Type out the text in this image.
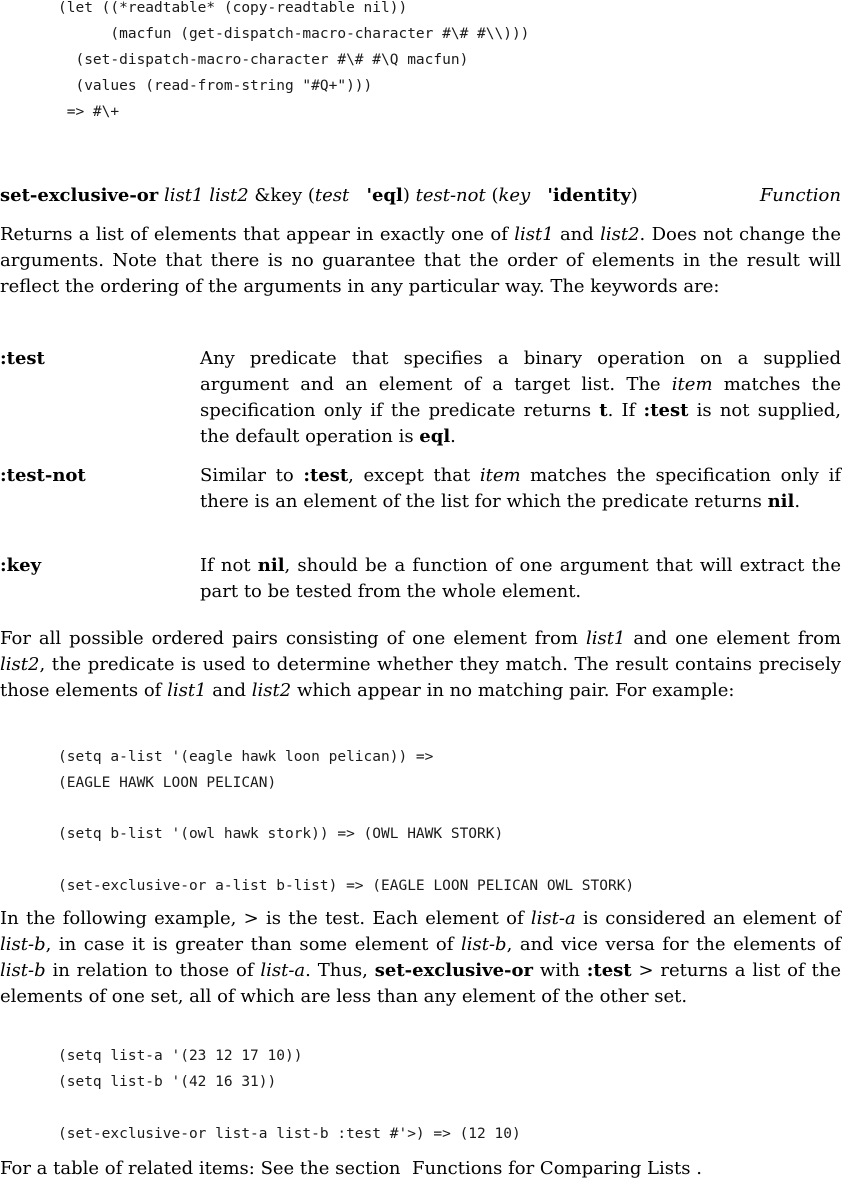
(let ((*readtable* (copy-readtable nil))
(macfun (get-dispatch-macro-character #\# #\\)))
(set-dispatch-macro-character #\# #\Q macfun)
(values (read-from-string "#Q+")))
=> #\+
set-exclusive-or list1 list2 &key (test 'eql) test-not (key 'identity)	Function

Returns a list of elements that appear in exactly one of list1 and list2. Does not change the arguments. Note that there is no guarantee that the order of elements in the result will reflect the ordering of the arguments in any particular way. The keywords are:

:test	Any predicate that specifies a binary operation on a supplied argument and an element of a target list. The item matches the specification only if the predicate returns t. If :test is not supplied, the default operation is eql.
:test-not	Similar to :test, except that item matches the specification only if there is an element of the list for which the predicate returns nil.
:key	If not nil, should be a function of one argument that will extract the part to be tested from the whole element.

For all possible ordered pairs consisting of one element from list1 and one element from list2, the predicate is used to determine whether they match. The result contains precisely those elements of list1 and list2 which appear in no matching pair. For example:

(setq a-list '(eagle hawk loon pelican)) =>
(EAGLE HAWK LOON PELICAN)
(setq b-list '(owl hawk stork)) => (OWL HAWK STORK)
(set-exclusive-or a-list b-list) => (EAGLE LOON PELICAN OWL STORK)

In the following example, > is the test. Each element of list-a is considered an element of list-b, in case it is greater than some element of list-b, and vice versa for the elements of list-b in relation to those of list-a. Thus, set-exclusive-or with :test > returns a list of the elements of one set, all of which are less than any element of the other set.

(setq list-a '(23 12 17 10))
(setq list-b '(42 16 31))
(set-exclusive-or list-a list-b :test #'>) => (12 10)

For a table of related items: See the section  Functions for Comparing Lists .
